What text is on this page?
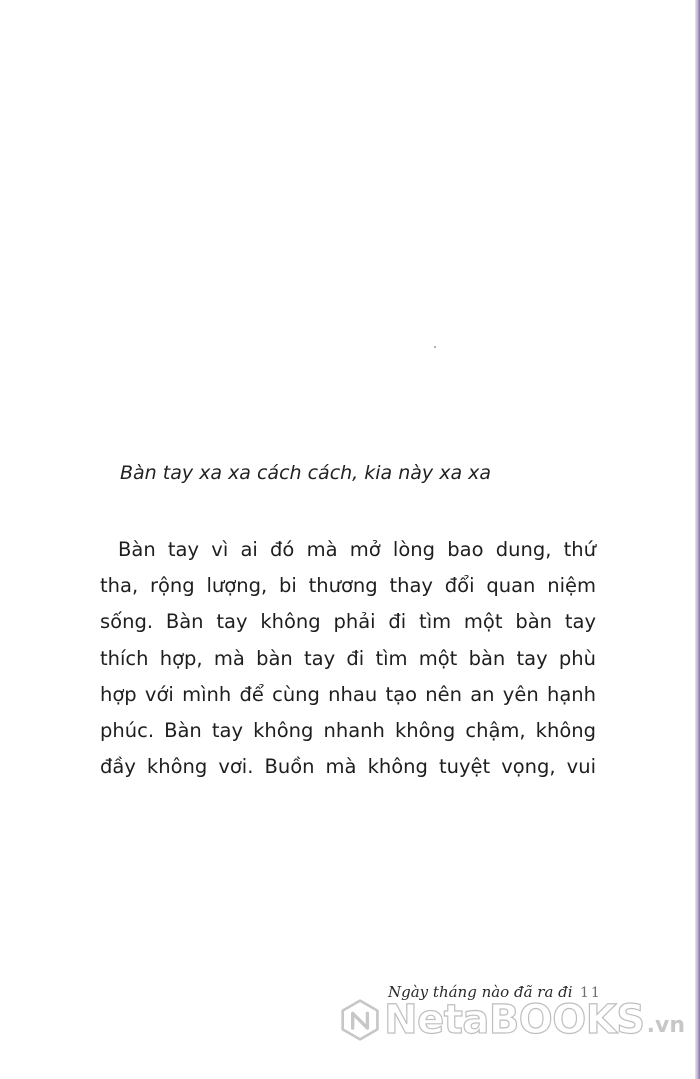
Bàn tay xa xa cách cách, kia này xa xa
Bàn tay vì ai đó mà mở lòng bao dung, thứ
tha, rộng lượng, bi thương thay đổi quan niệm
sống. Bàn tay không phải đi tìm một bàn tay
thích hợp, mà bàn tay đi tìm một bàn tay phù
hợp với mình để cùng nhau tạo nên an yên hạnh
phúc. Bàn tay không nhanh không chậm, không
đầy không vơi. Buồn mà không tuyệt vọng, vui
NetaBOOKS .vn
Ngày tháng nào đã ra đi 11
